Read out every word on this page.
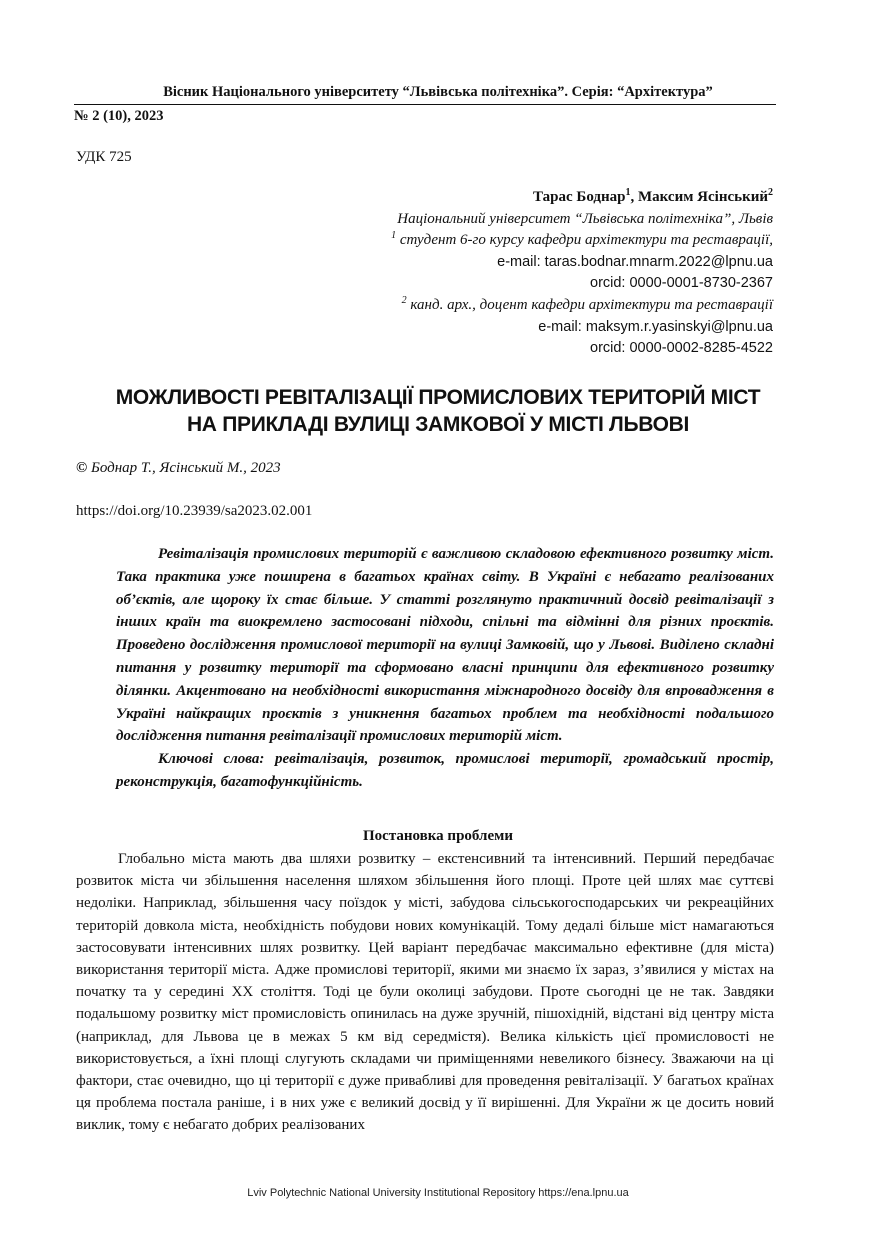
Вісник Національного університету “Львівська політехніка”. Серія: “Архітектура”
№ 2 (10), 2023
УДК 725
Тарас Боднар$^1$, Максим Ясінський$^2$
Національний університет “Львівська політехніка”, Львів
$^1$ студент 6-го курсу кафедри архітектури та реставрації,
e-mail: taras.bodnar.mnarm.2022@lpnu.ua
orcid: 0000-0001-8730-2367
$^2$ канд. арх., доцент кафедри архітектури та реставрації
e-mail: maksym.r.yasinskyi@lpnu.ua
orcid: 0000-0002-8285-4522
МОЖЛИВОСТІ РЕВІТАЛІЗАЦІЇ ПРОМИСЛОВИХ ТЕРИТОРІЙ МІСТ
НА ПРИКЛАДІ ВУЛИЦІ ЗАМКОВОЇ У МІСТІ ЛЬВОВІ
© Боднар Т., Ясінський М., 2023
https://doi.org/10.23939/sa2023.02.001

Ревіталізація промислових територій є важливою складовою ефективного розвитку міст. Така практика уже поширена в багатьох країнах світу. В Україні є небагато реалізованих об’єктів, але щороку їх стає більше. У статті розглянуто практичний досвід ревіталізації з інших країн та виокремлено застосовані підходи, спільні та відмінні для різних проєктів. Проведено дослідження промислової території на вулиці Замковій, що у Львові. Виділено складні питання у розвитку території та сформовано власні принципи для ефективного розвитку ділянки. Акцентовано на необхідності використання міжнародного досвіду для впровадження в Україні найкращих проєктів з уникнення багатьох проблем та необхідності подальшого дослідження питання ревіталізації промислових територій міст.

Ключові слова: ревіталізація, розвиток, промислові території, громадський простір, реконструкція, багатофункційність.

Постановка проблеми

Глобально міста мають два шляхи розвитку – екстенсивний та інтенсивний. Перший передбачає розвиток міста чи збільшення населення шляхом збільшення його площі. Проте цей шлях має суттєві недоліки. Наприклад, збільшення часу поїздок у місті, забудова сільськогосподарських чи рекреаційних територій довкола міста, необхідність побудови нових комунікацій. Тому дедалі більше міст намагаються застосовувати інтенсивних шлях розвитку. Цей варіант передбачає максимально ефективне (для міста) використання території міста. Адже промислові території, якими ми знаємо їх зараз, з’явилися у містах на початку та у середині ХХ століття. Тоді це були околиці забудови. Проте сьогодні це не так. Завдяки подальшому розвитку міст промисловість опинилась на дуже зручній, пішохідній, відстані від центру міста (наприклад, для Львова це в межах 5 км від середмістя). Велика кількість цієї промисловості не використовується, а їхні площі слугують складами чи приміщеннями невеликого бізнесу. Зважаючи на ці фактори, стає очевидно, що ці території є дуже привабливі для проведення ревіталізації. У багатьох країнах ця проблема постала раніше, і в них уже є великий досвід у її вирішенні. Для України ж це досить новий виклик, тому є небагато добрих реалізованих

Lviv Polytechnic National University Institutional Repository https://ena.lpnu.ua
